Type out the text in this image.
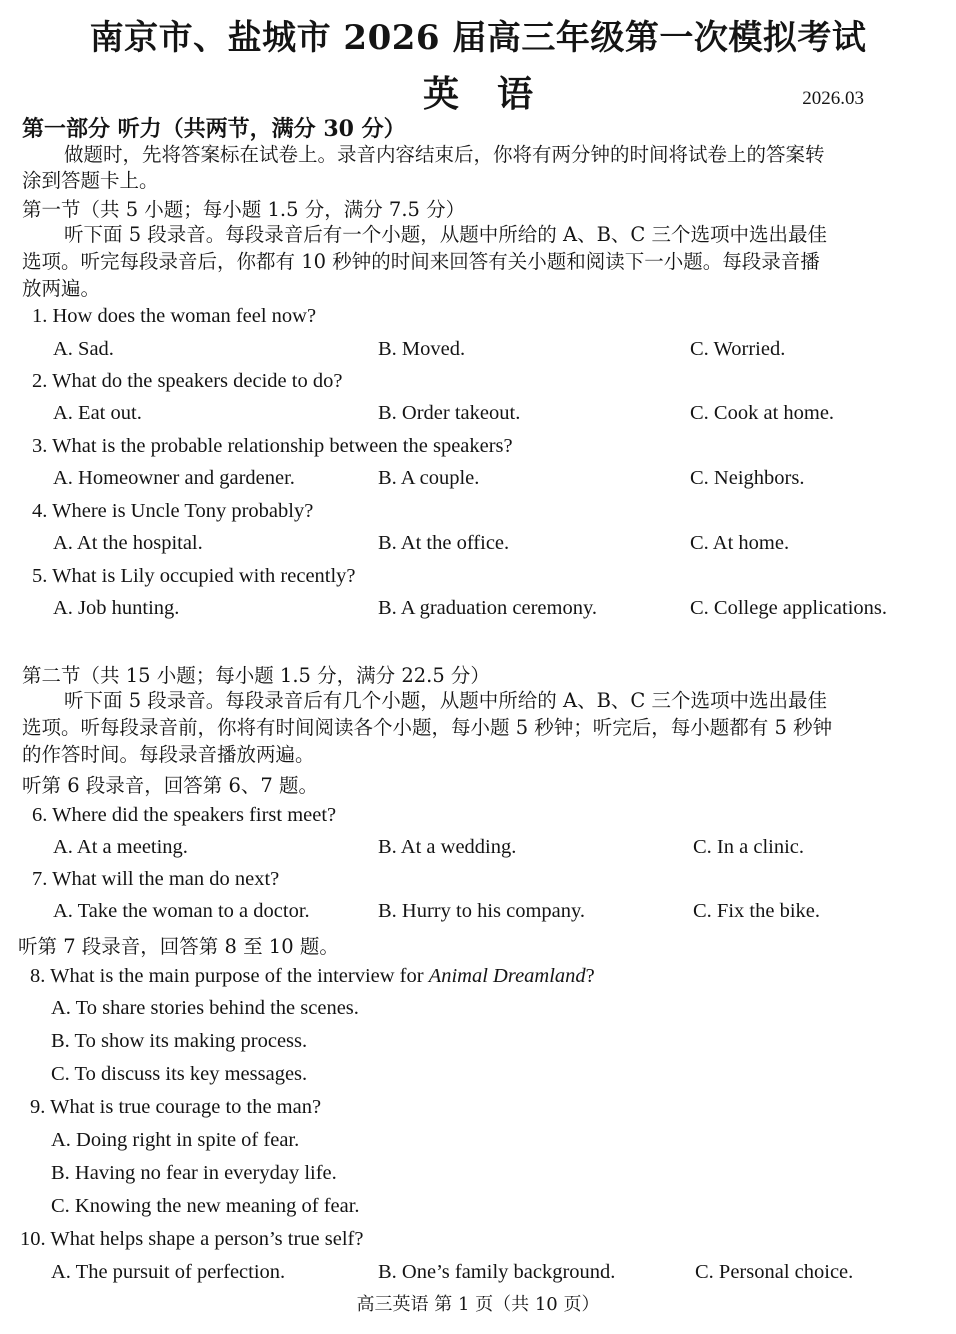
南京市、盐城市 2026 届高三年级第一次模拟考试
英语	2026.03
第一部分 听力（共两节，满分 30 分）
做题时，先将答案标在试卷上。录音内容结束后，你将有两分钟的时间将试卷上的答案转
涂到答题卡上。
第一节（共 5 小题；每小题 1.5 分，满分 7.5 分）
听下面 5 段录音。每段录音后有一个小题，从题中所给的 A、B、C 三个选项中选出最佳
选项。听完每段录音后，你都有 10 秒钟的时间来回答有关小题和阅读下一小题。每段录音播
放两遍。
1. How does the woman feel now?
A. Sad.	B. Moved.	C. Worried.
2. What do the speakers decide to do?
A. Eat out.	B. Order takeout.	C. Cook at home.
3. What is the probable relationship between the speakers?
A. Homeowner and gardener.	B. A couple.	C. Neighbors.
4. Where is Uncle Tony probably?
A. At the hospital.	B. At the office.	C. At home.
5. What is Lily occupied with recently?
A. Job hunting.	B. A graduation ceremony.	C. College applications.
第二节（共 15 小题；每小题 1.5 分，满分 22.5 分）
听下面 5 段录音。每段录音后有几个小题，从题中所给的 A、B、C 三个选项中选出最佳
选项。听每段录音前，你将有时间阅读各个小题，每小题 5 秒钟；听完后，每小题都有 5 秒钟
的作答时间。每段录音播放两遍。
听第 6 段录音，回答第 6、7 题。
6. Where did the speakers first meet?
A. At a meeting.	B. At a wedding.	C. In a clinic.
7. What will the man do next?
A. Take the woman to a doctor.	B. Hurry to his company.	C. Fix the bike.
听第 7 段录音，回答第 8 至 10 题。
8. What is the main purpose of the interview for Animal Dreamland?
A. To share stories behind the scenes.
B. To show its making process.
C. To discuss its key messages.
9. What is true courage to the man?
A. Doing right in spite of fear.
B. Having no fear in everyday life.
C. Knowing the new meaning of fear.
10. What helps shape a person’s true self?
A. The pursuit of perfection.	B. One’s family background.	C. Personal choice.
高三英语 第 1 页（共 10 页）
